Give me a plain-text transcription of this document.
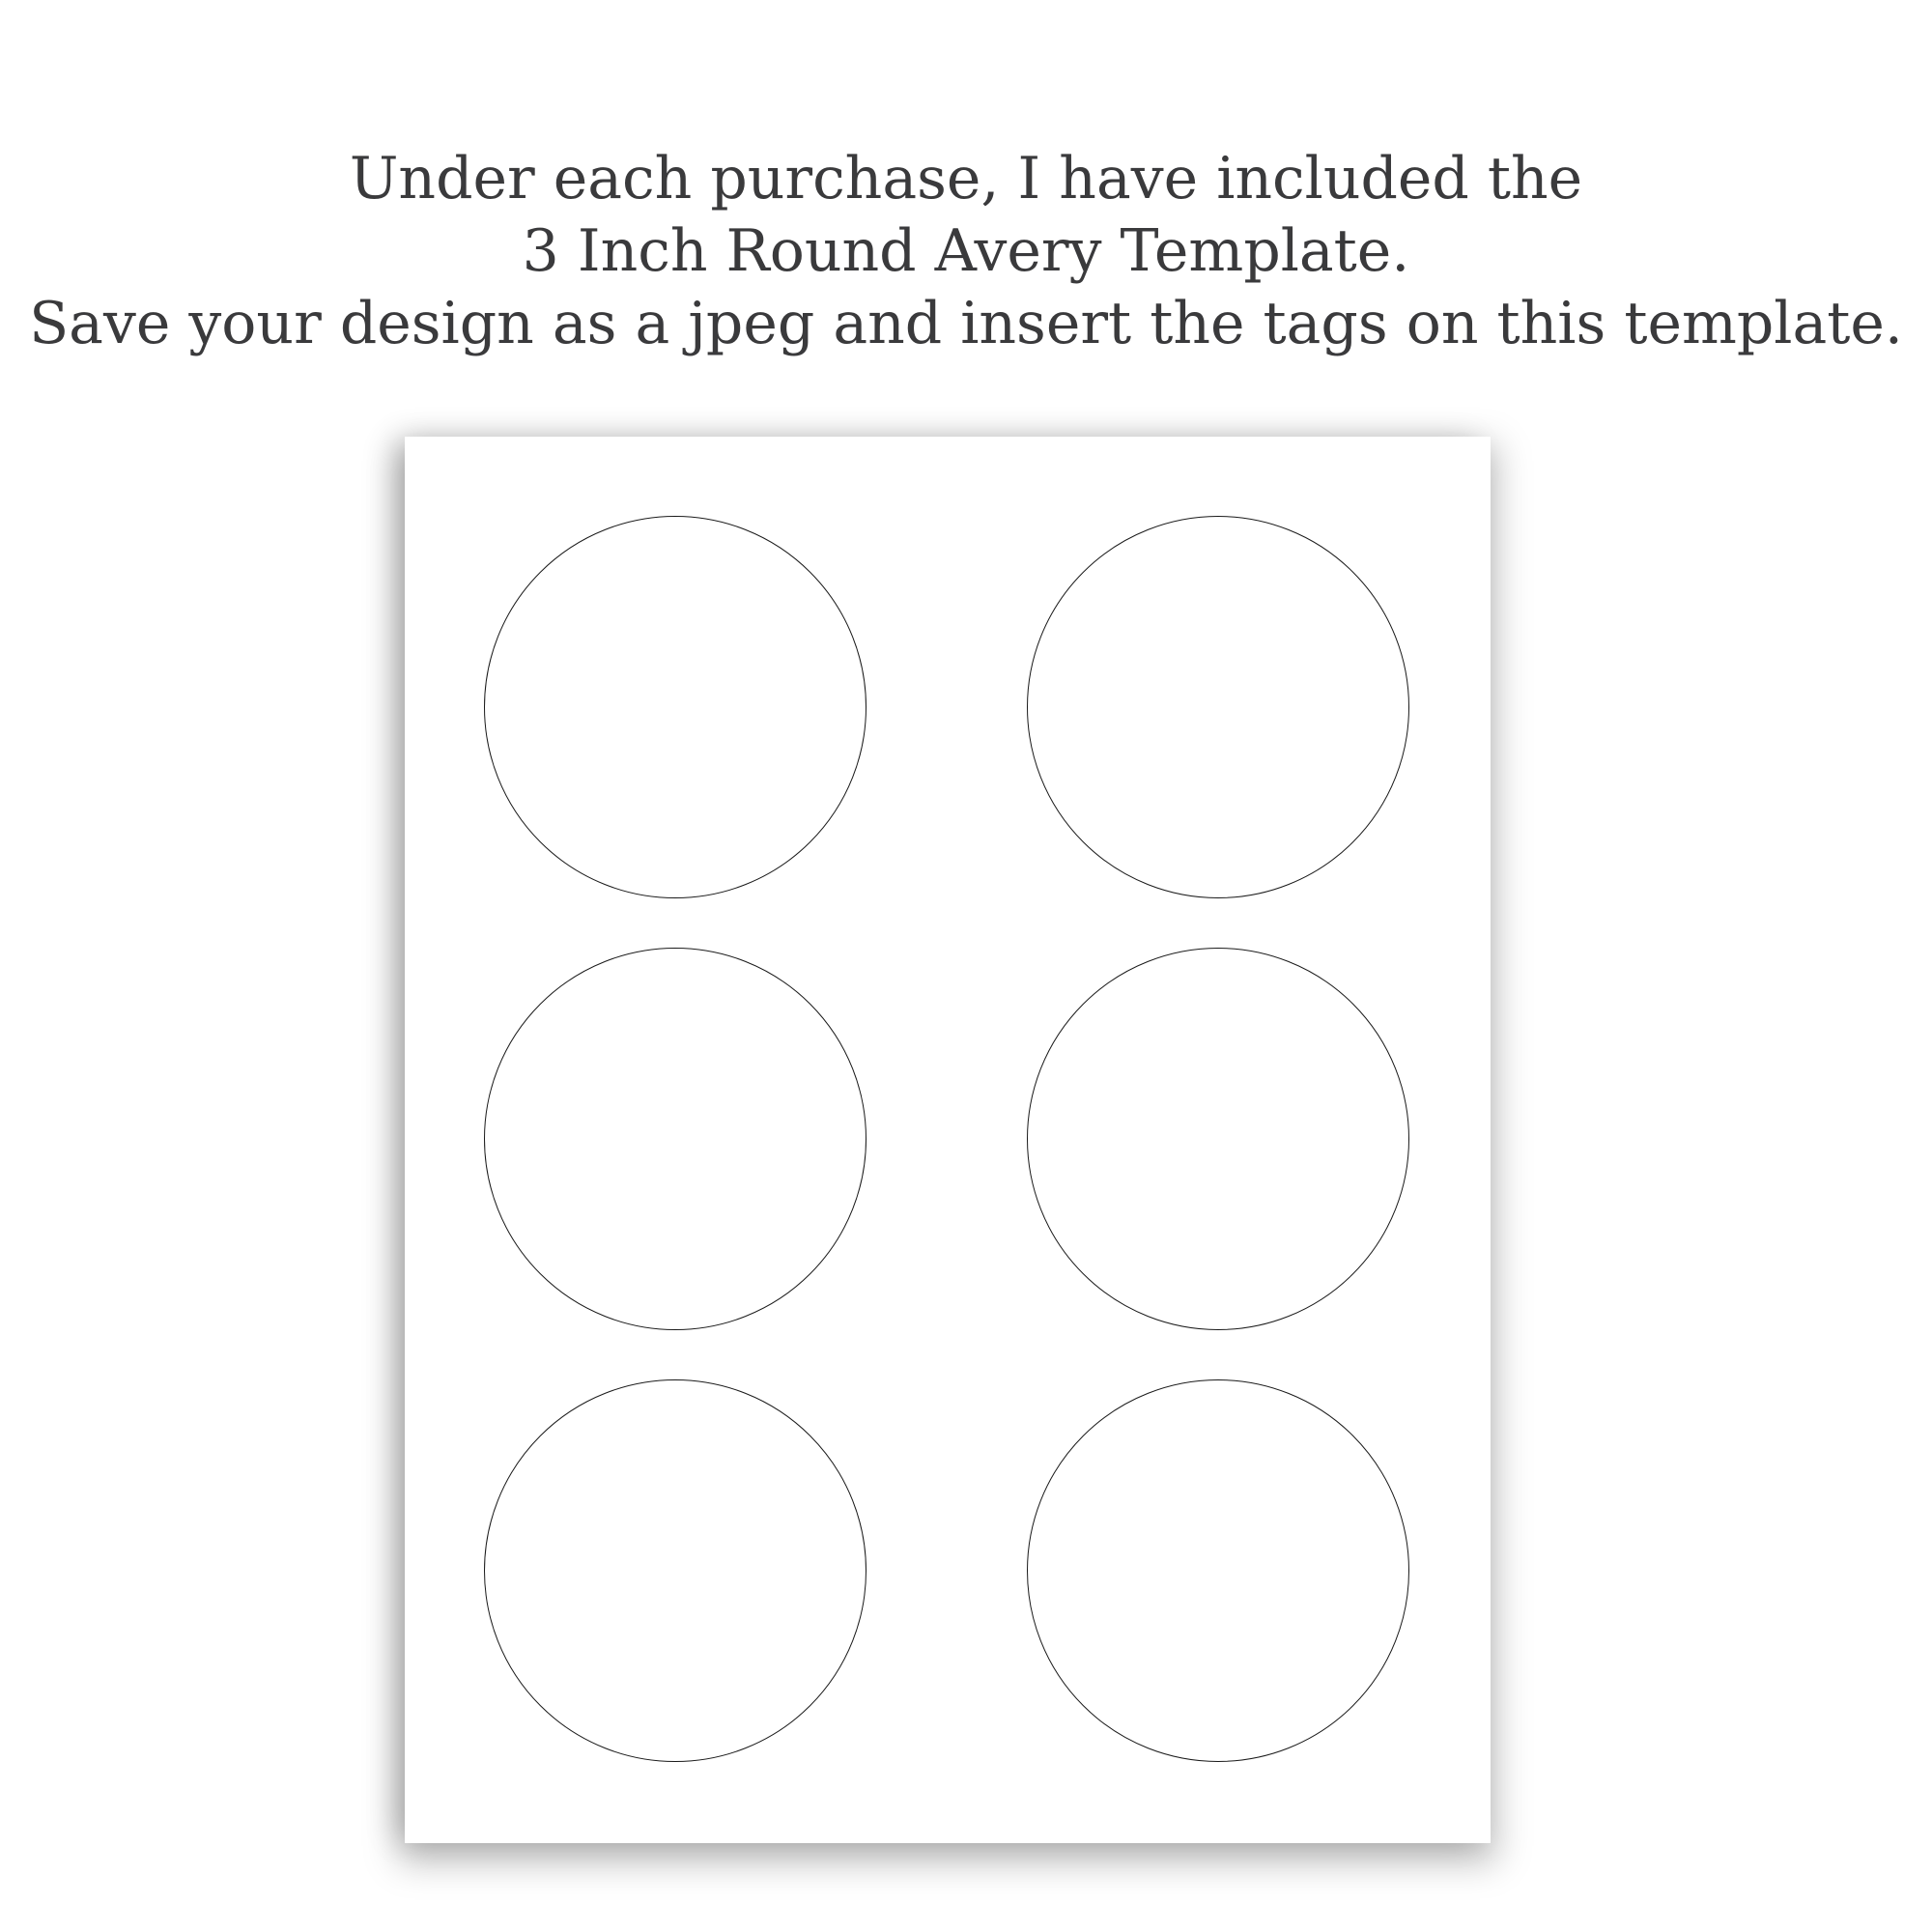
Under each purchase, I have included the
3 Inch Round Avery Template.
Save your design as a jpeg and insert the tags on this template.
